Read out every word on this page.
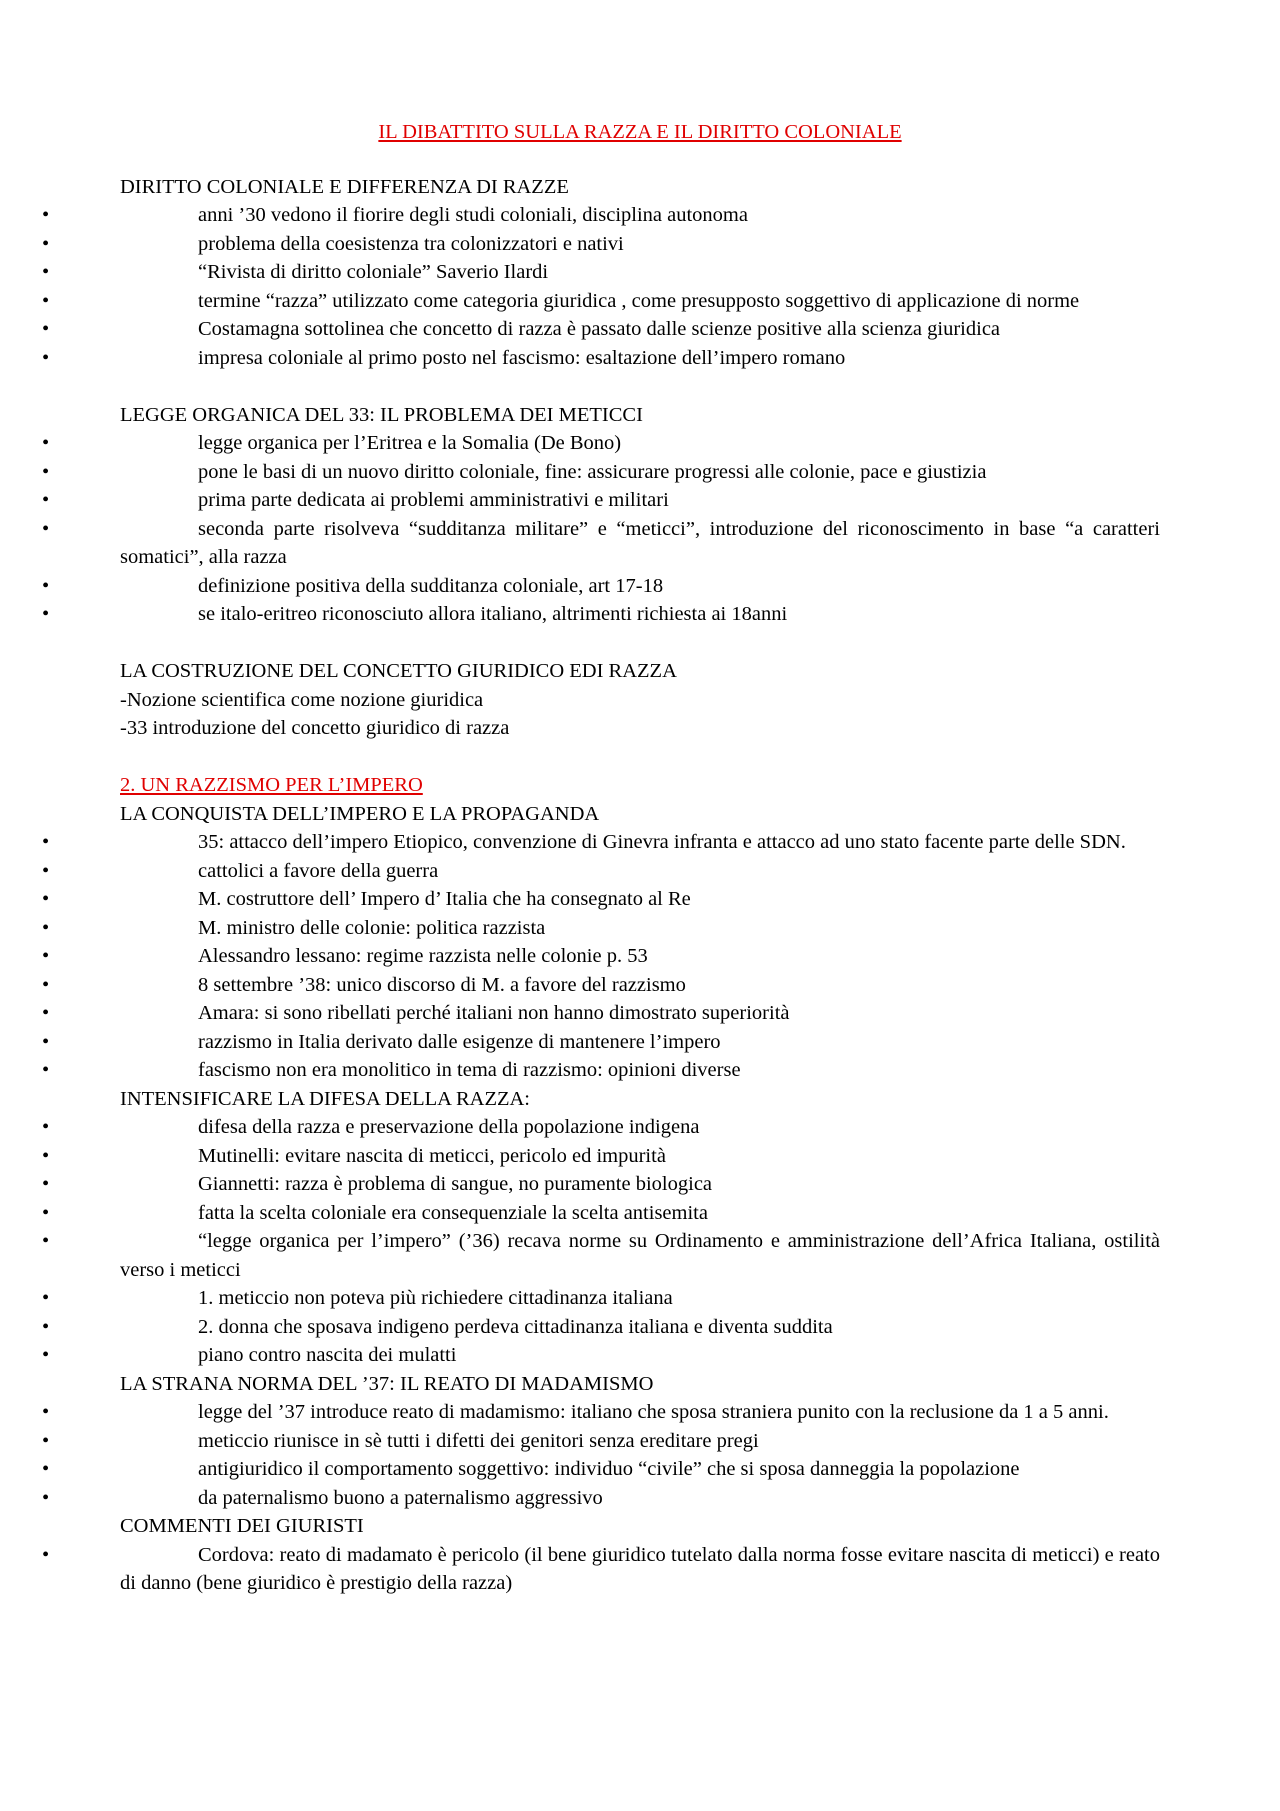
IL DIBATTITO SULLA RAZZA E IL DIRITTO COLONIALE

DIRITTO COLONIALE E DIFFERENZA DI RAZZE

• anni ’30 vedono il fiorire degli studi coloniali, disciplina autonoma

• problema della coesistenza tra colonizzatori e nativi

• “Rivista di diritto coloniale” Saverio Ilardi

• termine “razza” utilizzato come categoria giuridica , come presupposto soggettivo di applicazione di norme

• Costamagna sottolinea che concetto di razza è passato dalle scienze positive alla scienza giuridica

• impresa coloniale al primo posto nel fascismo: esaltazione dell’impero romano

LEGGE ORGANICA DEL 33: IL PROBLEMA DEI METICCI

• legge organica per l’Eritrea e la Somalia (De Bono)

• pone le basi di un nuovo diritto coloniale, fine: assicurare progressi alle colonie, pace e giustizia

• prima parte dedicata ai problemi amministrativi e militari

• seconda parte risolveva “sudditanza militare” e “meticci”, introduzione del riconoscimento in base “a caratteri somatici”, alla razza

• definizione positiva della sudditanza coloniale, art 17-18

• se italo-eritreo riconosciuto allora italiano, altrimenti richiesta ai 18anni

LA COSTRUZIONE DEL CONCETTO GIURIDICO EDI RAZZA

-Nozione scientifica come nozione giuridica

-33 introduzione del concetto giuridico di razza

2. UN RAZZISMO PER L’IMPERO

LA CONQUISTA DELL’IMPERO E LA PROPAGANDA

• 35: attacco dell’impero Etiopico, convenzione di Ginevra infranta e attacco ad uno stato facente parte delle SDN.

• cattolici a favore della guerra

• M. costruttore dell’ Impero d’ Italia che ha consegnato al Re

• M. ministro delle colonie: politica razzista

• Alessandro lessano: regime razzista nelle colonie p. 53

• 8 settembre ’38: unico discorso di M. a favore del razzismo

• Amara: si sono ribellati perché italiani non hanno dimostrato superiorità

• razzismo in Italia derivato dalle esigenze di mantenere l’impero

• fascismo non era monolitico in tema di razzismo: opinioni diverse

INTENSIFICARE LA DIFESA DELLA RAZZA:

• difesa della razza e preservazione della popolazione indigena

• Mutinelli: evitare nascita di meticci, pericolo ed impurità

• Giannetti: razza è problema di sangue, no puramente biologica

• fatta la scelta coloniale era consequenziale la scelta antisemita

• “legge organica per l’impero” (’36) recava norme su Ordinamento e amministrazione dell’Africa Italiana, ostilità verso i meticci

• 1. meticcio non poteva più richiedere cittadinanza italiana

• 2. donna che sposava indigeno perdeva cittadinanza italiana e diventa suddita

• piano contro nascita dei mulatti

LA STRANA NORMA DEL ’37: IL REATO DI MADAMISMO

• legge del ’37 introduce reato di madamismo: italiano che sposa straniera punito con la reclusione da 1 a 5 anni.

• meticcio riunisce in sè tutti i difetti dei genitori senza ereditare pregi

• antigiuridico il comportamento soggettivo: individuo “civile” che si sposa danneggia la popolazione

• da paternalismo buono a paternalismo aggressivo

COMMENTI DEI GIURISTI

• Cordova: reato di madamato è pericolo (il bene giuridico tutelato dalla norma fosse evitare nascita di meticci) e reato di danno (bene giuridico è prestigio della razza)
